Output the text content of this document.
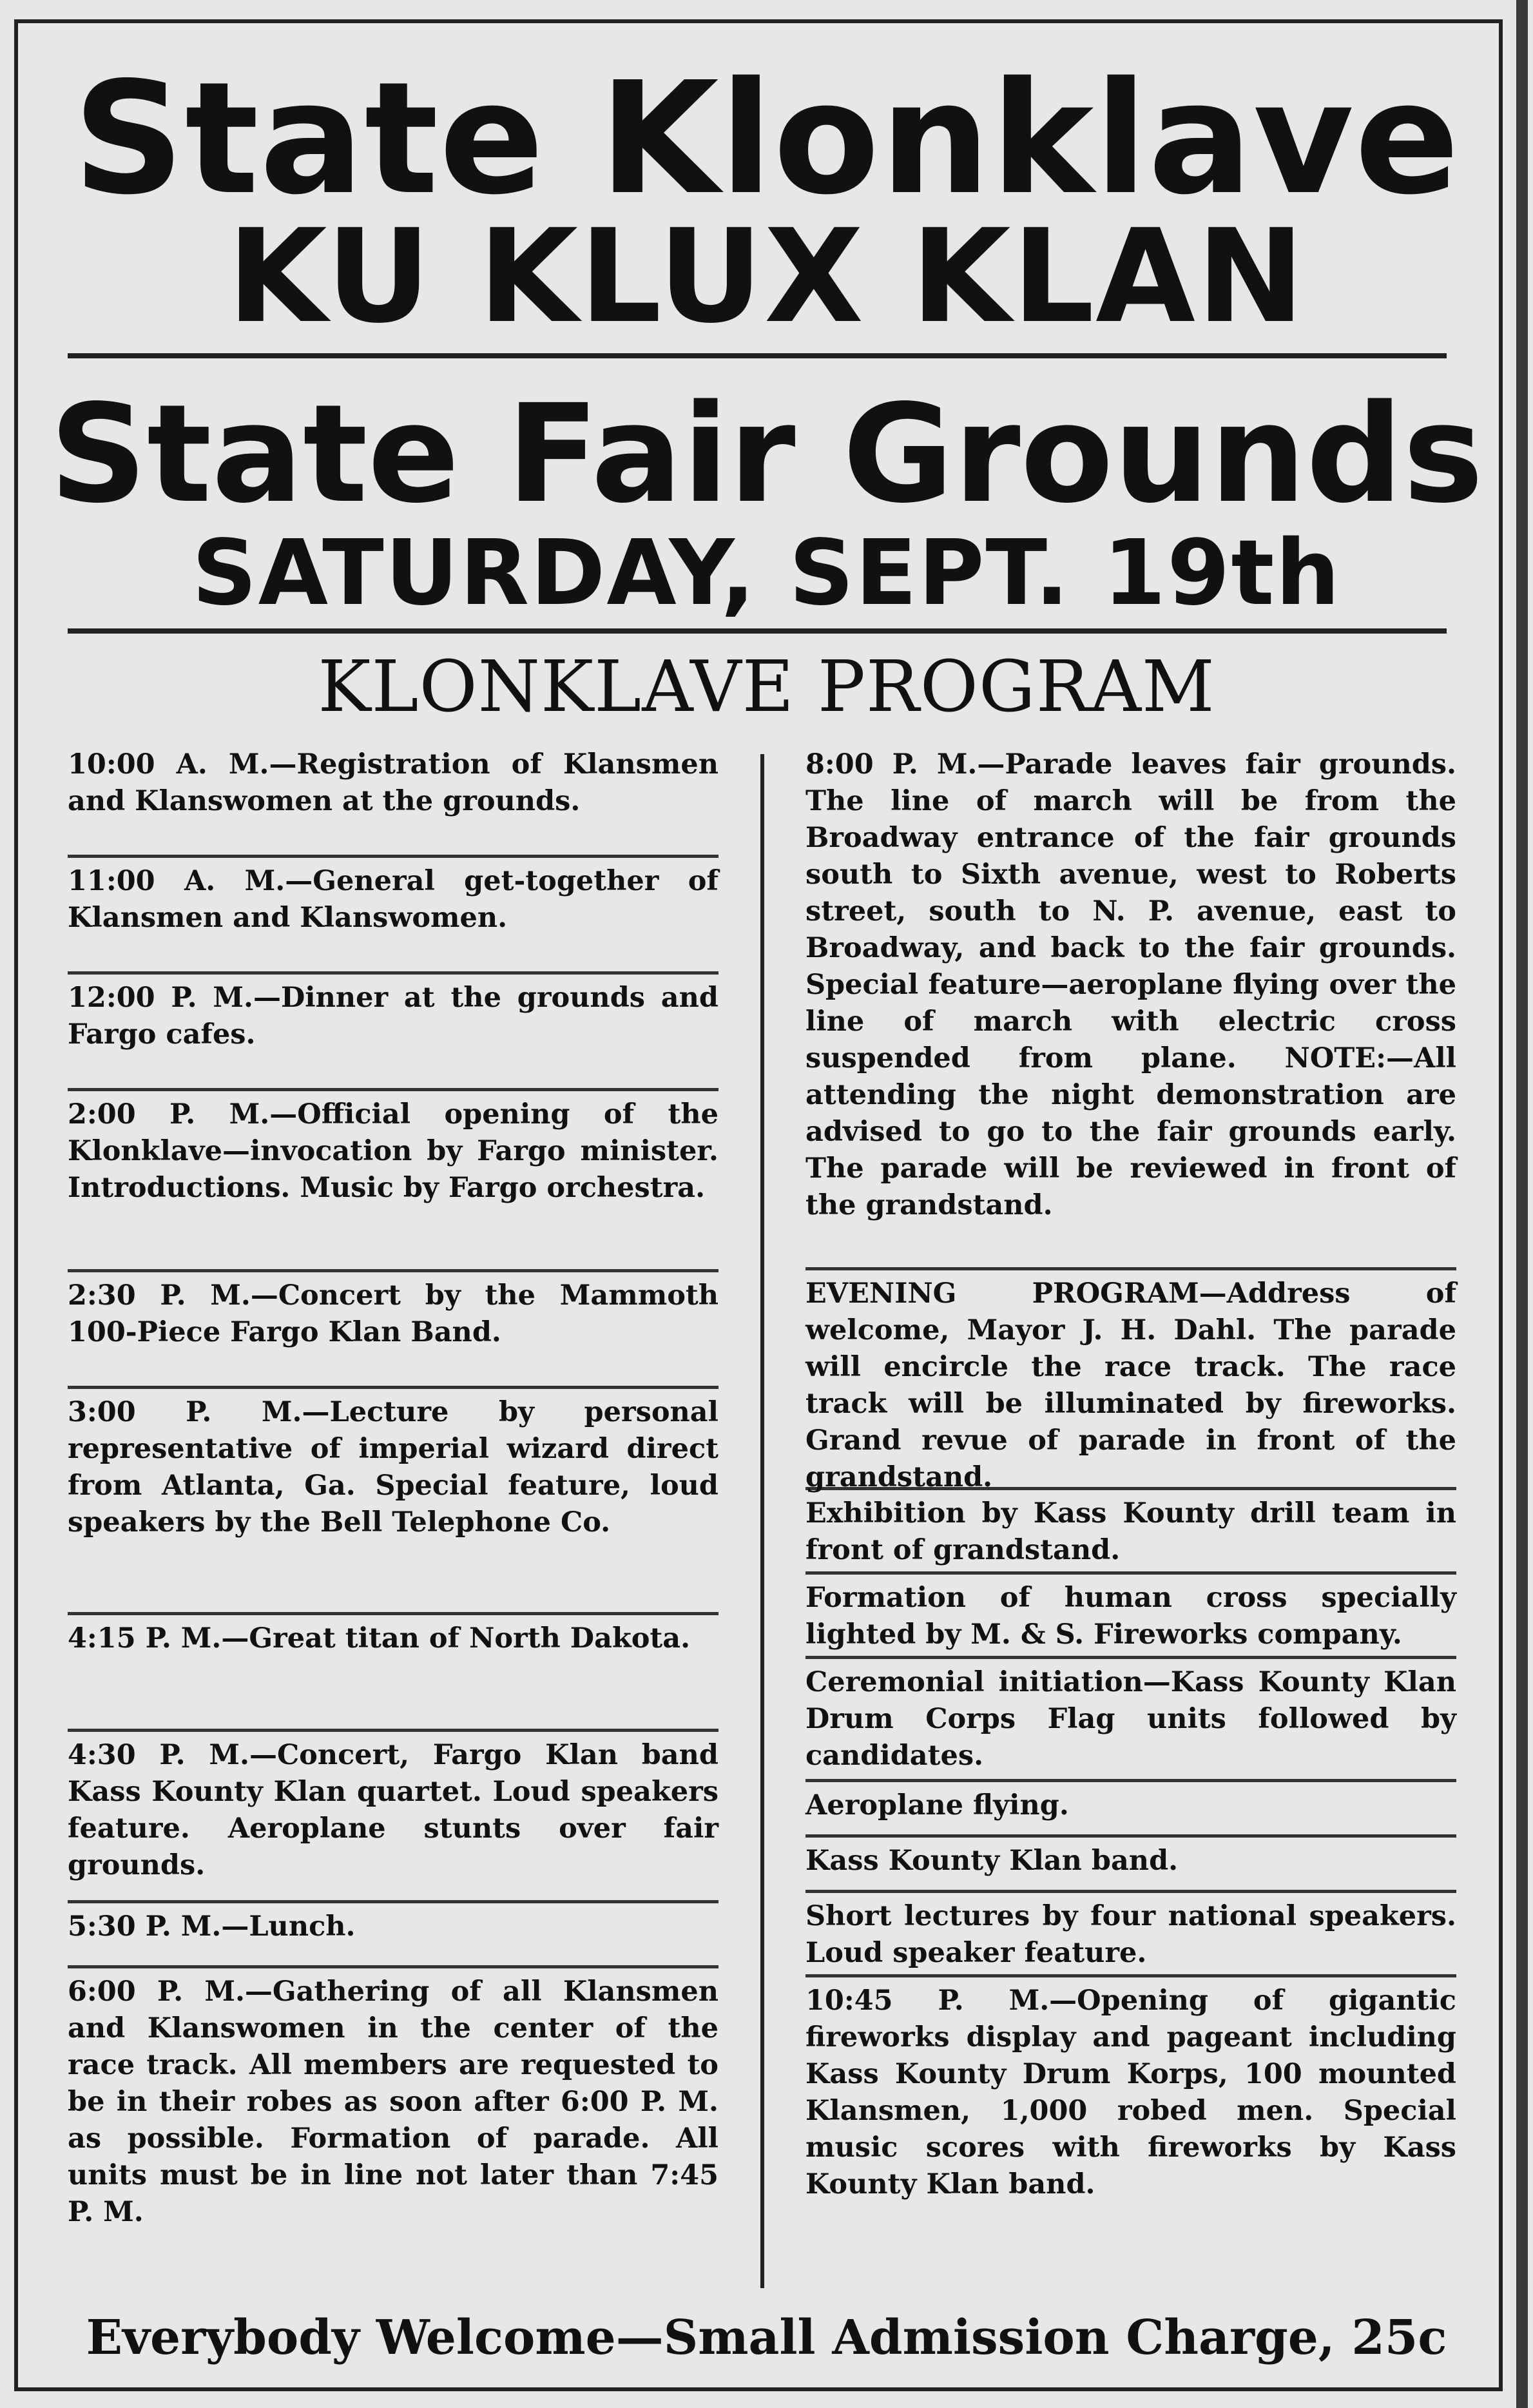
State Klonklave
KU KLUX KLAN
State Fair Grounds
SATURDAY, SEPT. 19th
KLONKLAVE PROGRAM
10:00 A. M.—Registration of Klansmen and Klanswomen at the grounds.
11:00 A. M.—General get-together of Klansmen and Klanswomen.
12:00 P. M.—Dinner at the grounds and Fargo cafes.
2:00 P. M.—Official opening of the Klonklave—invocation by Fargo minister. Introductions. Music by Fargo orchestra.
2:30 P. M.—Concert by the Mammoth 100-Piece Fargo Klan Band.
3:00 P. M.—Lecture by personal representative of imperial wizard direct from Atlanta, Ga. Special feature, loud speakers by the Bell Telephone Co.
4:15 P. M.—Great titan of North Dakota.
4:30 P. M.—Concert, Fargo Klan band Kass Kounty Klan quartet. Loud speakers feature. Aeroplane stunts over fair grounds.
5:30 P. M.—Lunch.
6:00 P. M.—Gathering of all Klansmen and Klanswomen in the center of the race track. All members are requested to be in their robes as soon after 6:00 P. M. as possible. Formation of parade. All units must be in line not later than 7:45 P. M.
8:00 P. M.—Parade leaves fair grounds. The line of march will be from the Broadway entrance of the fair grounds south to Sixth avenue, west to Roberts street, south to N. P. avenue, east to Broadway, and back to the fair grounds. Special feature—aeroplane flying over the line of march with electric cross suspended from plane. NOTE:—All attending the night demonstration are advised to go to the fair grounds early. The parade will be reviewed in front of the grandstand.
EVENING PROGRAM—Address of welcome, Mayor J. H. Dahl. The parade will encircle the race track. The race track will be illuminated by fireworks. Grand revue of parade in front of the grandstand.
Exhibition by Kass Kounty drill team in front of grandstand.
Formation of human cross specially lighted by M. & S. Fireworks company.
Ceremonial initiation—Kass Kounty Klan Drum Corps Flag units followed by candidates.
Aeroplane flying.
Kass Kounty Klan band.
Short lectures by four national speakers. Loud speaker feature.
10:45 P. M.—Opening of gigantic fireworks display and pageant including Kass Kounty Drum Korps, 100 mounted Klansmen, 1,000 robed men. Special music scores with fireworks by Kass Kounty Klan band.
Everybody Welcome—Small Admission Charge, 25c
